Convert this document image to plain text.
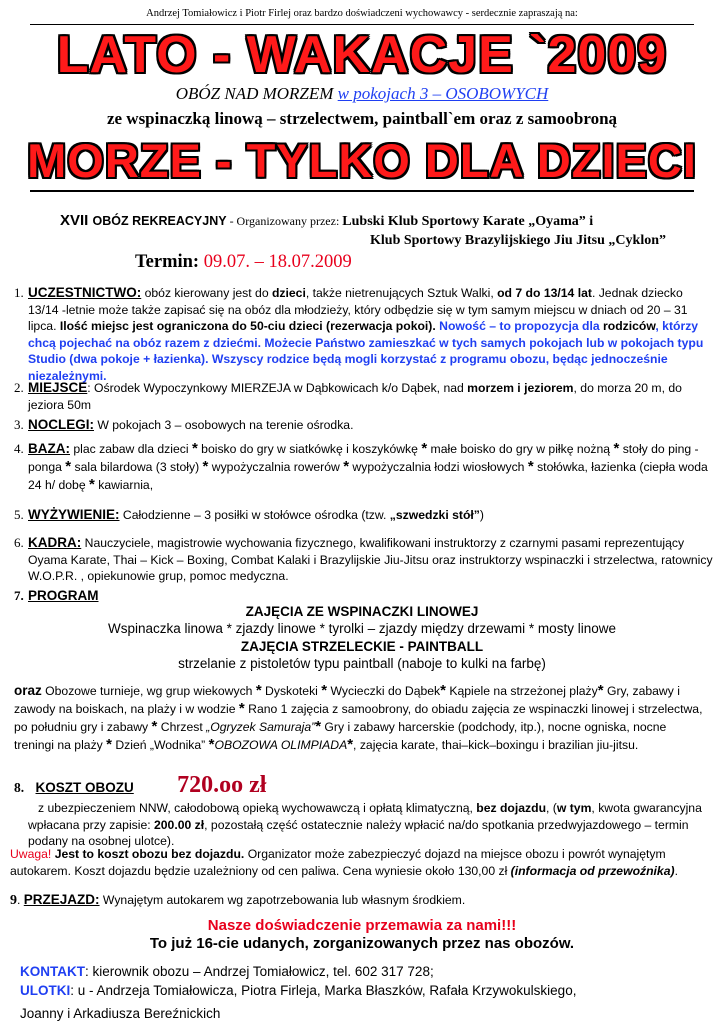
Andrzej Tomiałowicz i Piotr Firlej oraz bardzo doświadczeni wychowawcy - serdecznie zapraszają na:
LATO - WAKACJE `2009
OBÓZ NAD MORZEM w pokojach 3 – OSOBOWYCH
ze wspinaczką linową – strzelectwem, paintball`em oraz z samoobroną
MORZE - TYLKO DLA DZIECI
XVII OBÓZ REKREACYJNY - Organizowany przez: Lubski Klub Sportowy Karate „Oyama” i
Klub Sportowy Brazylijskiego Jiu Jitsu „Cyklon”
Termin: 09.07. – 18.07.2009
1. UCZESTNICTWO: obóz kierowany jest do dzieci, także nietrenujących Sztuk Walki, od 7 do 13/14 lat. Jednak dziecko 13/14 -letnie może także zapisać się na obóz dla młodzieży, który odbędzie się w tym samym miejscu w dniach od 20 – 31 lipca. Ilość miejsc jest ograniczona do 50-ciu dzieci (rezerwacja pokoi). Nowość – to propozycja dla rodziców, którzy chcą pojechać na obóz razem z dziećmi. Możecie Państwo zamieszkać w tych samych pokojach lub w pokojach typu Studio (dwa pokoje + łazienka). Wszyscy rodzice będą mogli korzystać z programu obozu, będąc jednocześnie niezależnymi.
2. MIEJSCE: Ośrodek Wypoczynkowy MIERZEJA w Dąbkowicach k/o Dąbek, nad morzem i jeziorem, do morza 20 m, do jeziora 50m
3. NOCLEGI: W pokojach 3 – osobowych na terenie ośrodka.
4. BAZA: plac zabaw dla dzieci * boisko do gry w siatkówkę i koszykówkę * małe boisko do gry w piłkę nożną * stoły do ping - ponga * sala bilardowa (3 stoły) * wypożyczalnia rowerów * wypożyczalnia łodzi wiosłowych * stołówka, łazienka (ciepła woda 24 h/ dobę * kawiarnia,
5. WYŻYWIENIE: Całodzienne – 3 posiłki w stołówce ośrodka (tzw. „szwedzki stół”)
6. KADRA: Nauczyciele, magistrowie wychowania fizycznego, kwalifikowani instruktorzy z czarnymi pasami reprezentujący Oyama Karate, Thai – Kick – Boxing, Combat Kalaki i Brazylijskie Jiu-Jitsu oraz instruktorzy wspinaczki i strzelectwa, ratownicy W.O.P.R. , opiekunowie grup, pomoc medyczna.
7. PROGRAM
ZAJĘCIA ZE WSPINACZKI LINOWEJ
Wspinaczka linowa * zjazdy linowe * tyrolki – zjazdy między drzewami * mosty linowe
ZAJĘCIA STRZELECKIE - PAINTBALL
strzelanie z pistoletów typu paintball (naboje to kulki na farbę)
oraz Obozowe turnieje, wg grup wiekowych * Dyskoteki * Wycieczki do Dąbek* Kąpiele na strzeżonej plaży* Gry, zabawy i zawody na boiskach, na plaży i w wodzie * Rano 1 zajęcia z samoobrony, do obiadu zajęcia ze wspinaczki linowej i strzelectwa, po południu gry i zabawy * Chrzest „Ogryzek Samuraja”* Gry i zabawy harcerskie (podchody, itp.), nocne ogniska, nocne treningi na plaży * Dzień „Wodnika” *OBOZOWA OLIMPIADA*, zajęcia karate, thai–kick–boxingu i brazilian jiu-jitsu.
8. KOSZT OBOZU 720.oo zł
z ubezpieczeniem NNW, całodobową opieką wychowawczą i opłatą klimatyczną, bez dojazdu, (w tym, kwota gwarancyjna wpłacana przy zapisie: 200.00 zł, pozostałą część ostatecznie należy wpłacić na/do spotkania przedwyjazdowego – termin podany na osobnej ulotce).
Uwaga! Jest to koszt obozu bez dojazdu. Organizator może zabezpieczyć dojazd na miejsce obozu i powrót wynajętym autokarem. Koszt dojazdu będzie uzależniony od cen paliwa. Cena wyniesie około 130,00 zł (informacja od przewoźnika).
9. PRZEJAZD: Wynajętym autokarem wg zapotrzebowania lub własnym środkiem.
Nasze doświadczenie przemawia za nami!!!
To już 16-cie udanych, zorganizowanych przez nas obozów.
KONTAKT: kierownik obozu – Andrzej Tomiałowicz, tel. 602 317 728;
ULOTKI: u - Andrzeja Tomiałowicza, Piotra Firleja, Marka Błaszków, Rafała Krzywokulskiego,
Joanny i Arkadiusza Bereźnickich
